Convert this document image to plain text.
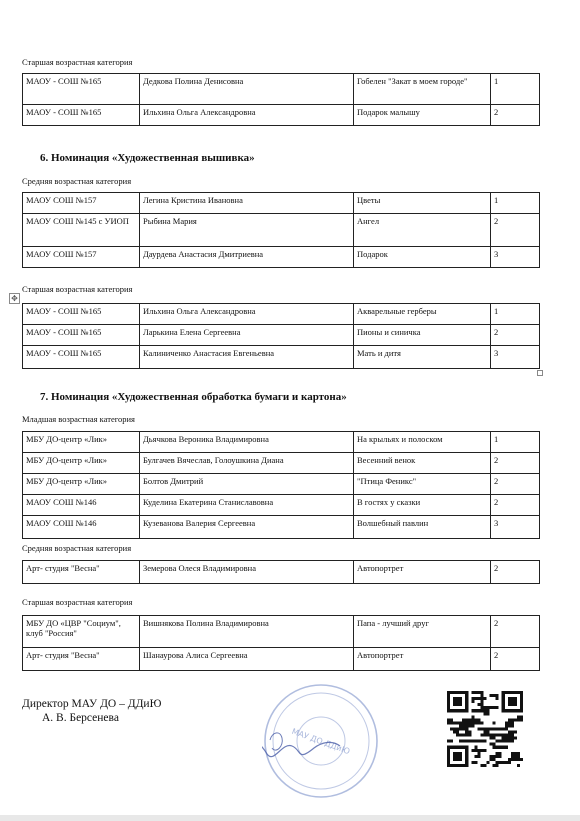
Старшая возрастная категория
МАОУ - СОШ №165	Дедкова Полина Денисовна	Гобелен "Закат в моем городе"	1
МАОУ - СОШ №165	Ильхина Ольга Александровна	Подарок малышу	2
6. Номинация «Художественная вышивка»
Средняя возрастная категория
МАОУ СОШ №157	Легина Кристина Ивановна	Цветы	1
МАОУ СОШ №145 с УИОП	Рыбина Мария	Ангел	2
МАОУ СОШ №157	Даурдева Анастасия Дмитриевна	Подарок	3
✥
Старшая возрастная категория
МАОУ - СОШ №165	Ильхина Ольга Александровна	Акварельные герберы	1
МАОУ - СОШ №165	Ларькина Елена Сергеевна	Пионы и синичка	2
МАОУ - СОШ №165	Калиниченко Анастасия Евгеньевна	Мать и дитя	3
7. Номинация «Художественная обработка бумаги и картона»
Младшая возрастная категория
МБУ ДО-центр «Лик»	Дьячкова Вероника Владимировна	На крыльях и полоском	1
МБУ ДО-центр «Лик»	Булгачев Вячеслав, Голоушкина Диана	Весенний венок	2
МБУ ДО-центр «Лик»	Болтов Дмитрий	"Птица Феникс"	2
МАОУ СОШ №146	Куделина Екатерина Станиславовна	В гостях у сказки	2
МАОУ СОШ №146	Кузеванова Валерия Сергеевна	Волшебный павлин	3
Средняя возрастная категория
Арт- студия "Весна"	Земерова Олеся Владимировна	Автопортрет	2
Старшая возрастная категория
МБУ ДО «ЦВР "Социум", клуб "Россия"	Вишнякова Полина Владимировна	Папа - лучший друг	2
Арт- студия "Весна"	Шанаурова Алиса Сергеевна	Автопортрет	2
Директор МАУ ДО – ДДиЮ
А. В. Берсенева
МАУ ДО ДДиЮ
